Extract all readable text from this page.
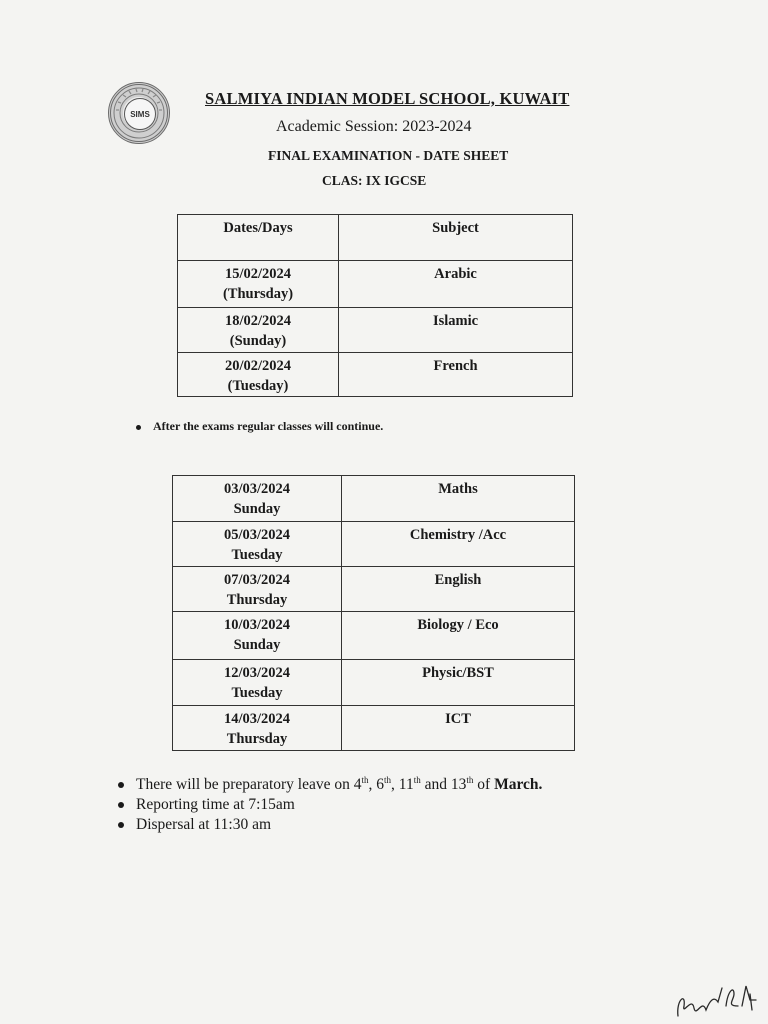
SIMS
SALMIYA INDIAN MODEL SCHOOL, KUWAIT
Academic Session: 2023-2024
FINAL EXAMINATION - DATE SHEET
CLAS: IX IGCSE
Dates/Days	Subject

15/02/2024
(Thursday)	Arabic

18/02/2024
(Sunday)	Islamic

20/02/2024
(Tuesday)	French
After the exams regular classes will continue.
03/03/2024
Sunday	Maths

05/03/2024
Tuesday	Chemistry /Acc

07/03/2024
Thursday	English

10/03/2024
Sunday	Biology / Eco

12/03/2024
Tuesday	Physic/BST

14/03/2024
Thursday	ICT
There will be preparatory leave on 4th, 6th, 11th and 13th of March.
Reporting time at 7:15am
Dispersal at 11:30 am
